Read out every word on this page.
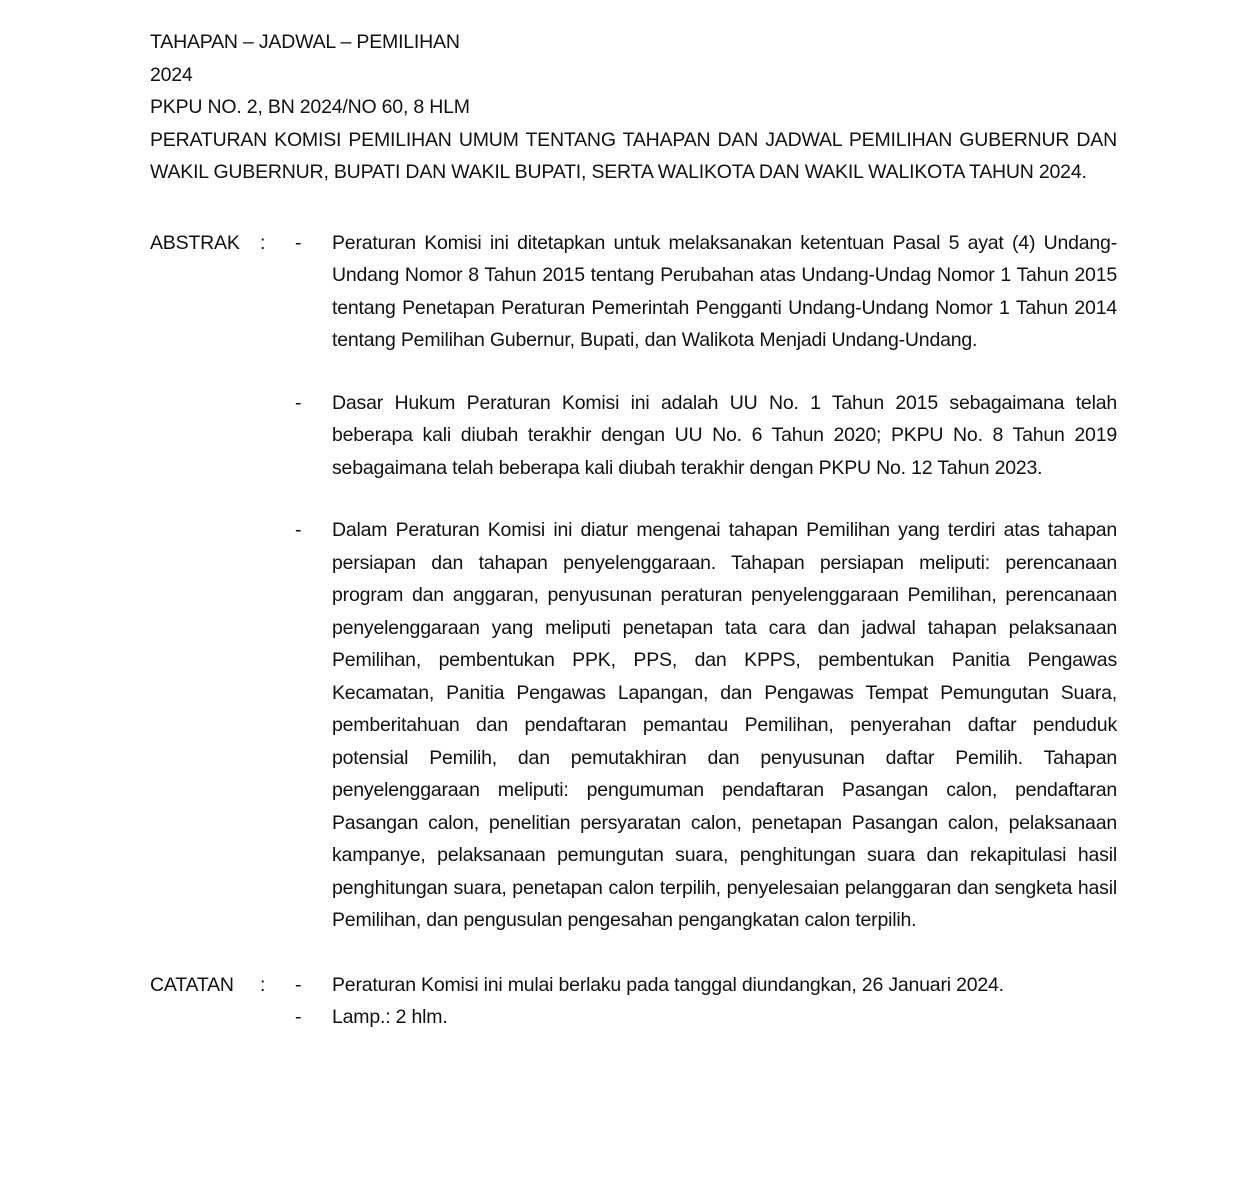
TAHAPAN – JADWAL – PEMILIHAN
2024
PKPU NO. 2, BN 2024/NO 60, 8 HLM

PERATURAN KOMISI PEMILIHAN UMUM TENTANG TAHAPAN DAN JADWAL PEMILIHAN GUBERNUR DAN WAKIL GUBERNUR, BUPATI DAN WAKIL BUPATI, SERTA WALIKOTA DAN WAKIL WALIKOTA TAHUN 2024.

ABSTRAK	:	-	Peraturan Komisi ini ditetapkan untuk melaksanakan ketentuan Pasal 5 ayat (4) Undang-Undang Nomor 8 Tahun 2015 tentang Perubahan atas Undang-Undag Nomor 1 Tahun 2015 tentang Penetapan Peraturan Pemerintah Pengganti Undang-Undang Nomor 1 Tahun 2014 tentang Pemilihan Gubernur, Bupati, dan Walikota Menjadi Undang-Undang.

-	Dasar Hukum Peraturan Komisi ini adalah UU No. 1 Tahun 2015 sebagaimana telah beberapa kali diubah terakhir dengan UU No. 6 Tahun 2020; PKPU No. 8 Tahun 2019 sebagaimana telah beberapa kali diubah terakhir dengan PKPU No. 12 Tahun 2023.

-	Dalam Peraturan Komisi ini diatur mengenai tahapan Pemilihan yang terdiri atas tahapan persiapan dan tahapan penyelenggaraan. Tahapan persiapan meliputi: perencanaan program dan anggaran, penyusunan peraturan penyelenggaraan Pemilihan, perencanaan penyelenggaraan yang meliputi penetapan tata cara dan jadwal tahapan pelaksanaan Pemilihan, pembentukan PPK, PPS, dan KPPS, pembentukan Panitia Pengawas Kecamatan, Panitia Pengawas Lapangan, dan Pengawas Tempat Pemungutan Suara, pemberitahuan dan pendaftaran pemantau Pemilihan, penyerahan daftar penduduk potensial Pemilih, dan pemutakhiran dan penyusunan daftar Pemilih. Tahapan penyelenggaraan meliputi: pengumuman pendaftaran Pasangan calon, pendaftaran Pasangan calon, penelitian persyaratan calon, penetapan Pasangan calon, pelaksanaan kampanye, pelaksanaan pemungutan suara, penghitungan suara dan rekapitulasi hasil penghitungan suara, penetapan calon terpilih, penyelesaian pelanggaran dan sengketa hasil Pemilihan, dan pengusulan pengesahan pengangkatan calon terpilih.

CATATAN	:	-	Peraturan Komisi ini mulai berlaku pada tanggal diundangkan, 26 Januari 2024.

-	Lamp.: 2 hlm.
